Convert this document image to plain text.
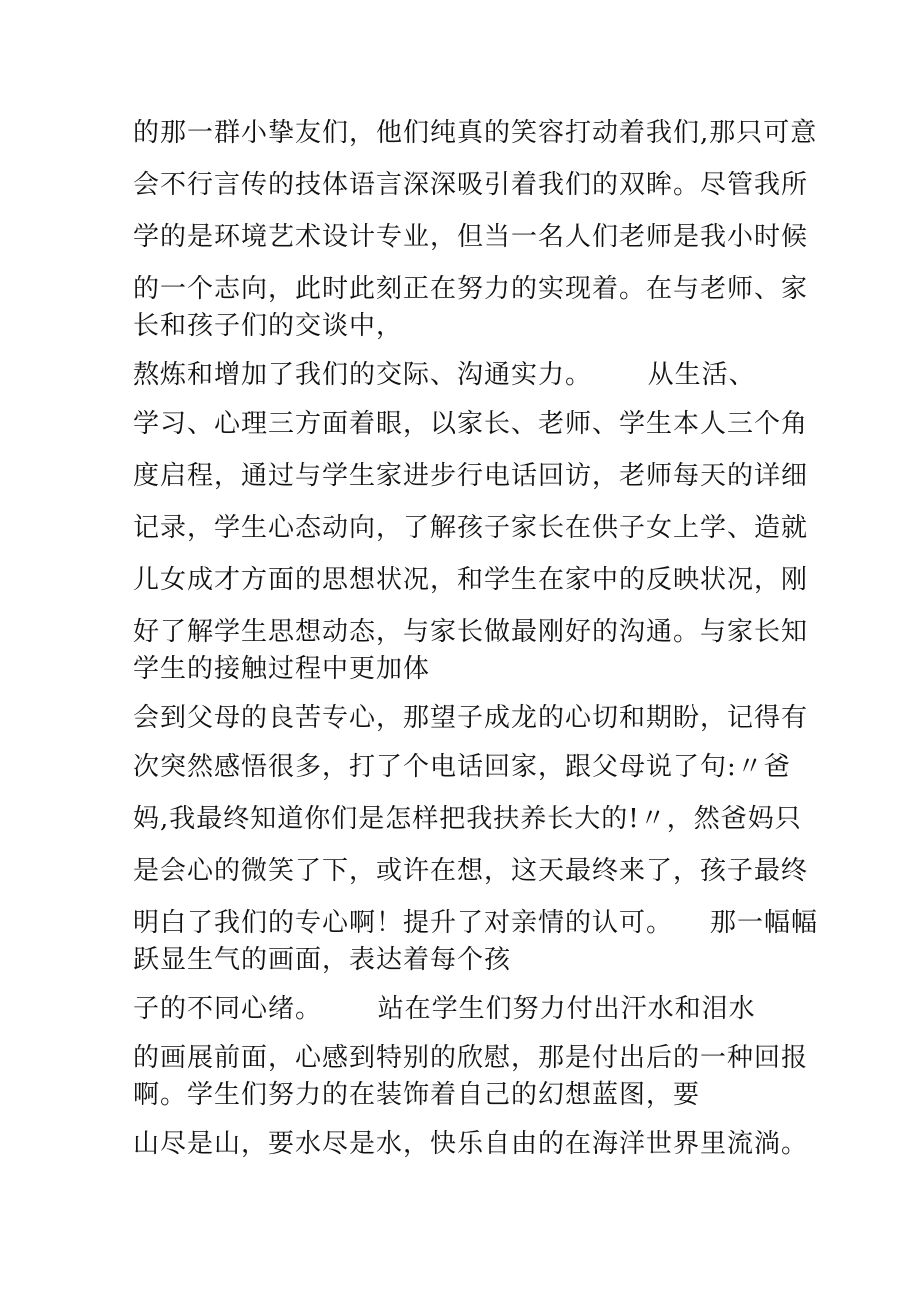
的那一群小挚友们，他们纯真的笑容打动着我们,那只可意
会不行言传的技体语言深深吸引着我们的双眸。尽管我所
学的是环境艺术设计专业，但当一名人们老师是我小时候
的一个志向，此时此刻正在努力的实现着。在与老师、家
长和孩子们的交谈中，
熬炼和增加了我们的交际、沟通实力。      从生活、
学习、心理三方面着眼，以家长、老师、学生本人三个角
度启程，通过与学生家进步行电话回访，老师每天的详细
记录，学生心态动向，了解孩子家长在供子女上学、造就
儿女成才方面的思想状况，和学生在家中的反映状况，刚
好了解学生思想动态，与家长做最刚好的沟通。与家长知
学生的接触过程中更加体
会到父母的良苦专心，那望子成龙的心切和期盼，记得有
次突然感悟很多，打了个电话回家，跟父母说了句:〃爸
妈,我最终知道你们是怎样把我扶养长大的!〃，然爸妈只
是会心的微笑了下，或许在想，这天最终来了，孩子最终
明白了我们的专心啊！提升了对亲情的认可。    那一幅幅
跃显生气的画面，表达着每个孩
子的不同心绪。      站在学生们努力付出汗水和泪水
的画展前面，心感到特别的欣慰，那是付出后的一种回报
啊。学生们努力的在装饰着自己的幻想蓝图，要
山尽是山，要水尽是水，快乐自由的在海洋世界里流淌。
